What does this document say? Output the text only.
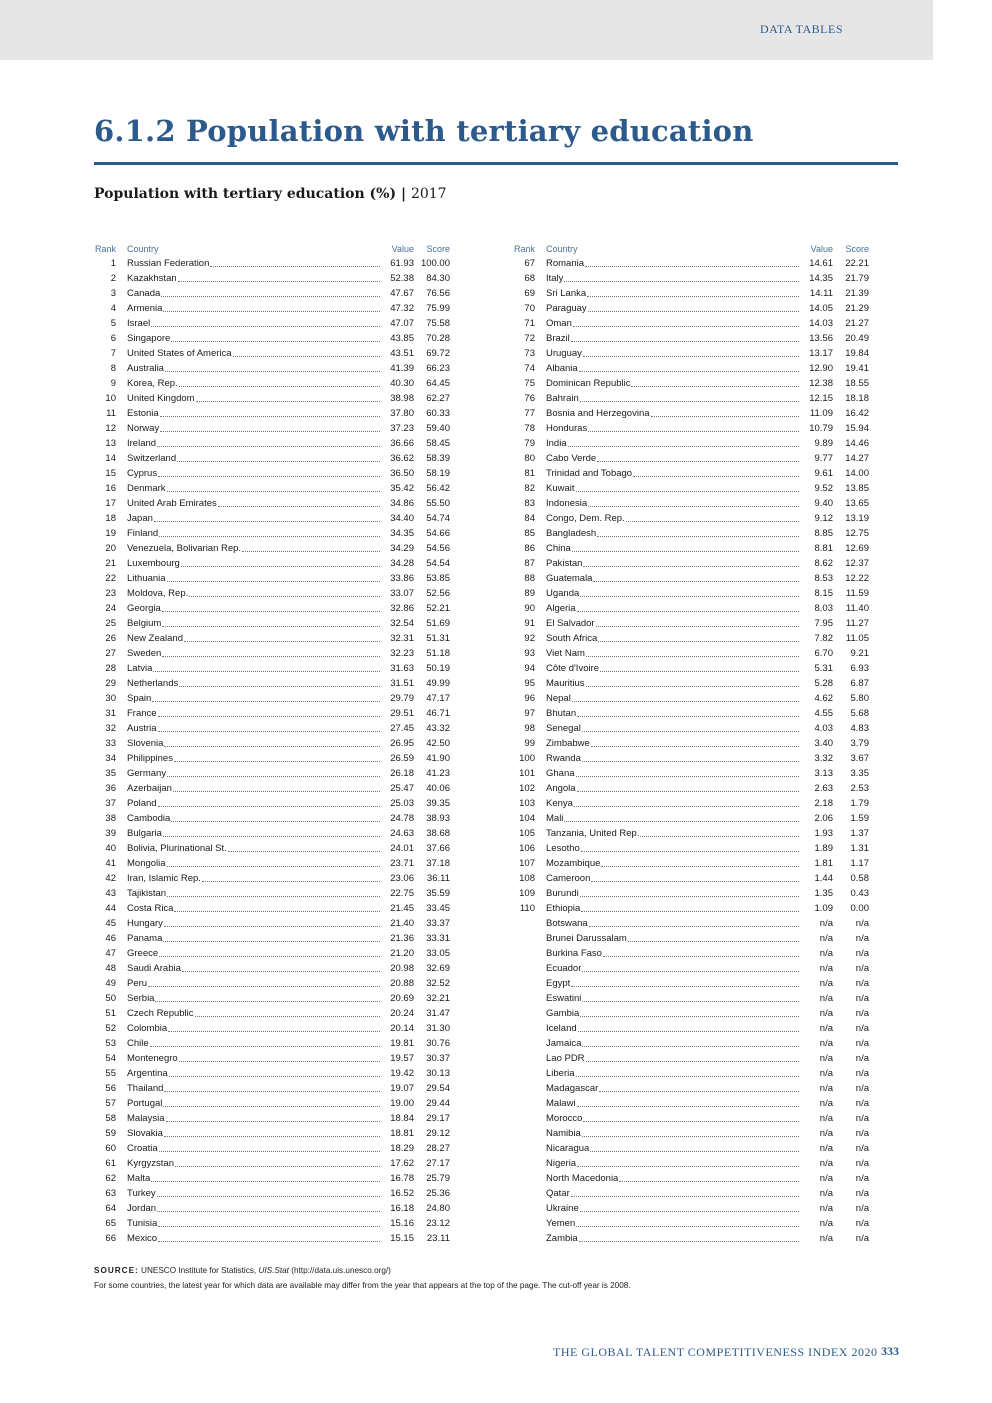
DATA TABLES
6.1.2 Population with tertiary education
Population with tertiary education (%) | 2017
Rank Country	Value	Score
1 Russian Federation	61.93 100.00
2 Kazakhstan	52.38	84.30
3 Canada	47.67	76.56
4 Armenia	47.32	75.99
5 Israel	47.07	75.58
6 Singapore	43.85	70.28
7 United States of America	43.51	69.72
8 Australia	41.39	66.23
9 Korea, Rep.	40.30	64.45
10 United Kingdom	38.98	62.27
11 Estonia	37.80	60.33
12 Norway	37.23	59.40
13 Ireland	36.66	58.45
14 Switzerland	36.62	58.39
15 Cyprus	36.50	58.19
16 Denmark	35.42	56.42
17 United Arab Emirates	34.86	55.50
18 Japan	34.40	54.74
19 Finland	34.35	54.66
20 Venezuela, Bolivarian Rep.	34.29	54.56
21 Luxembourg	34.28	54.54
22 Lithuania	33.86	53.85
23 Moldova, Rep.	33.07	52.56
24 Georgia	32.86	52.21
25 Belgium	32.54	51.69
26 New Zealand	32.31	51.31
27 Sweden	32.23	51.18
28 Latvia	31.63	50.19
29 Netherlands	31.51	49.99
30 Spain	29.79	47.17
31 France	29.51	46.71
32 Austria	27.45	43.32
33 Slovenia	26.95	42.50
34 Philippines	26.59	41.90
35 Germany	26.18	41.23
36 Azerbaijan	25.47	40.06
37 Poland	25.03	39.35
38 Cambodia	24.78	38.93
39 Bulgaria	24.63	38.68
40 Bolivia, Plurinational St.	24.01	37.66
41 Mongolia	23.71	37.18
42 Iran, Islamic Rep.	23.06	36.11
43 Tajikistan	22.75	35.59
44 Costa Rica	21.45	33.45
45 Hungary	21.40	33.37
46 Panama	21.36	33.31
47 Greece	21.20	33.05
48 Saudi Arabia	20.98	32.69
49 Peru	20.88	32.52
50 Serbia	20.69	32.21
51 Czech Republic	20.24	31.47
52 Colombia	20.14	31.30
53 Chile	19.81	30.76
54 Montenegro	19.57	30.37
55 Argentina	19.42	30.13
56 Thailand	19.07	29.54
57 Portugal	19.00	29.44
58 Malaysia	18.84	29.17
59 Slovakia	18.81	29.12
60 Croatia	18.29	28.27
61 Kyrgyzstan	17.62	27.17
62 Malta	16.78	25.79
63 Turkey	16.52	25.36
64 Jordan	16.18	24.80
65 Tunisia	15.16	23.12
66 Mexico	15.15	23.11
Rank Country	Value	Score
67 Romania	14.61	22.21
68 Italy	14.35	21.79
69 Sri Lanka	14.11	21.39
70 Paraguay	14.05	21.29
71 Oman	14.03	21.27
72 Brazil	13.56	20.49
73 Uruguay	13.17	19.84
74 Albania	12.90	19.41
75 Dominican Republic	12.38	18.55
76 Bahrain	12.15	18.18
77 Bosnia and Herzegovina	11.09	16.42
78 Honduras	10.79	15.94
79 India	9.89	14.46
80 Cabo Verde	9.77	14.27
81 Trinidad and Tobago	9.61	14.00
82 Kuwait	9.52	13.85
83 Indonesia	9.40	13.65
84 Congo, Dem. Rep.	9.12	13.19
85 Bangladesh	8.85	12.75
86 China	8.81	12.69
87 Pakistan	8.62	12.37
88 Guatemala	8.53	12.22
89 Uganda	8.15	11.59
90 Algeria	8.03	11.40
91 El Salvador	7.95	11.27
92 South Africa	7.82	11.05
93 Viet Nam	6.70	9.21
94 Côte d'Ivoire	5.31	6.93
95 Mauritius	5.28	6.87
96 Nepal	4.62	5.80
97 Bhutan	4.55	5.68
98 Senegal	4.03	4.83
99 Zimbabwe	3.40	3.79
100 Rwanda	3.32	3.67
101 Ghana	3.13	3.35
102 Angola	2.63	2.53
103 Kenya	2.18	1.79
104 Mali	2.06	1.59
105 Tanzania, United Rep.	1.93	1.37
106 Lesotho	1.89	1.31
107 Mozambique	1.81	1.17
108 Cameroon	1.44	0.58
109 Burundi	1.35	0.43
110 Ethiopia	1.09	0.00
Botswana	n/a	n/a
Brunei Darussalam	n/a	n/a
Burkina Faso	n/a	n/a
Ecuador	n/a	n/a
Egypt	n/a	n/a
Eswatini	n/a	n/a
Gambia	n/a	n/a
Iceland	n/a	n/a
Jamaica	n/a	n/a
Lao PDR	n/a	n/a
Liberia	n/a	n/a
Madagascar	n/a	n/a
Malawi	n/a	n/a
Morocco	n/a	n/a
Namibia	n/a	n/a
Nicaragua	n/a	n/a
Nigeria	n/a	n/a
North Macedonia	n/a	n/a
Qatar	n/a	n/a
Ukraine	n/a	n/a
Yemen	n/a	n/a
Zambia	n/a	n/a
SOURCE: UNESCO Institute for Statistics, UIS.Stat (http://data.uis.unesco.org/)
For some countries, the latest year for which data are available may differ from the year that appears at the top of the page. The cut-off year is 2008.
THE GLOBAL TALENT COMPETITIVENESS INDEX 2020 333
